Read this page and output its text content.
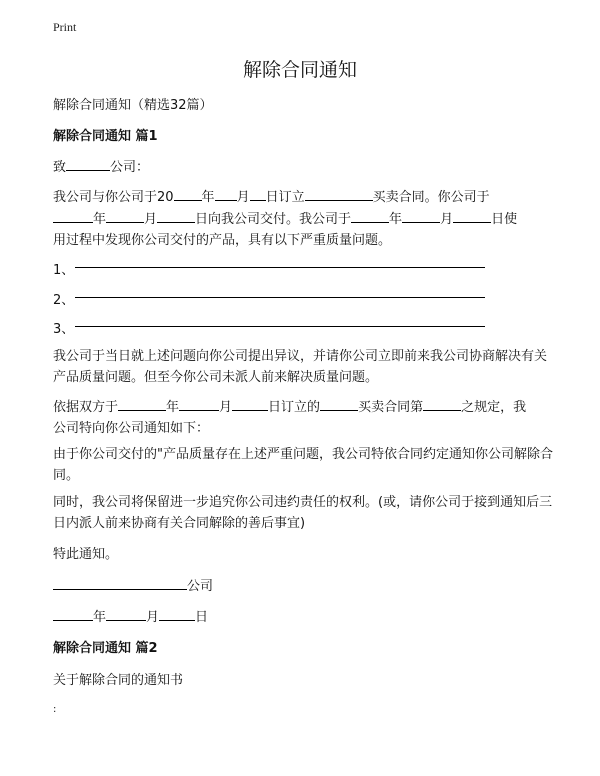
Print
解除合同通知
解除合同通知（精选32篇）
解除合同通知 篇1
致	公司：
我公司与你公司于20 年 月 日订立	买卖合同。你公司于
年	月	日向我公司交付。我公司于	年	月	日使
用过程中发现你公司交付的产品，具有以下严重质量问题。
1、
2、
3、
我公司于当日就上述问题向你公司提出异议，并请你公司立即前来我公司协商解决有关产品质量问题。但至今你公司未派人前来解决质量问题。
依据双方于	年	月	日订立的	买卖合同第	之规定，我
公司特向你公司通知如下：
由于你公司交付的"产品质量存在上述严重问题，我公司特依合同约定通知你公司解除合同。
同时，我公司将保留进一步追究你公司违约责任的权利。(或，请你公司于接到通知后三日内派人前来协商有关合同解除的善后事宜)
特此通知。
公司
年	月	日
解除合同通知 篇2
关于解除合同的通知书
:
